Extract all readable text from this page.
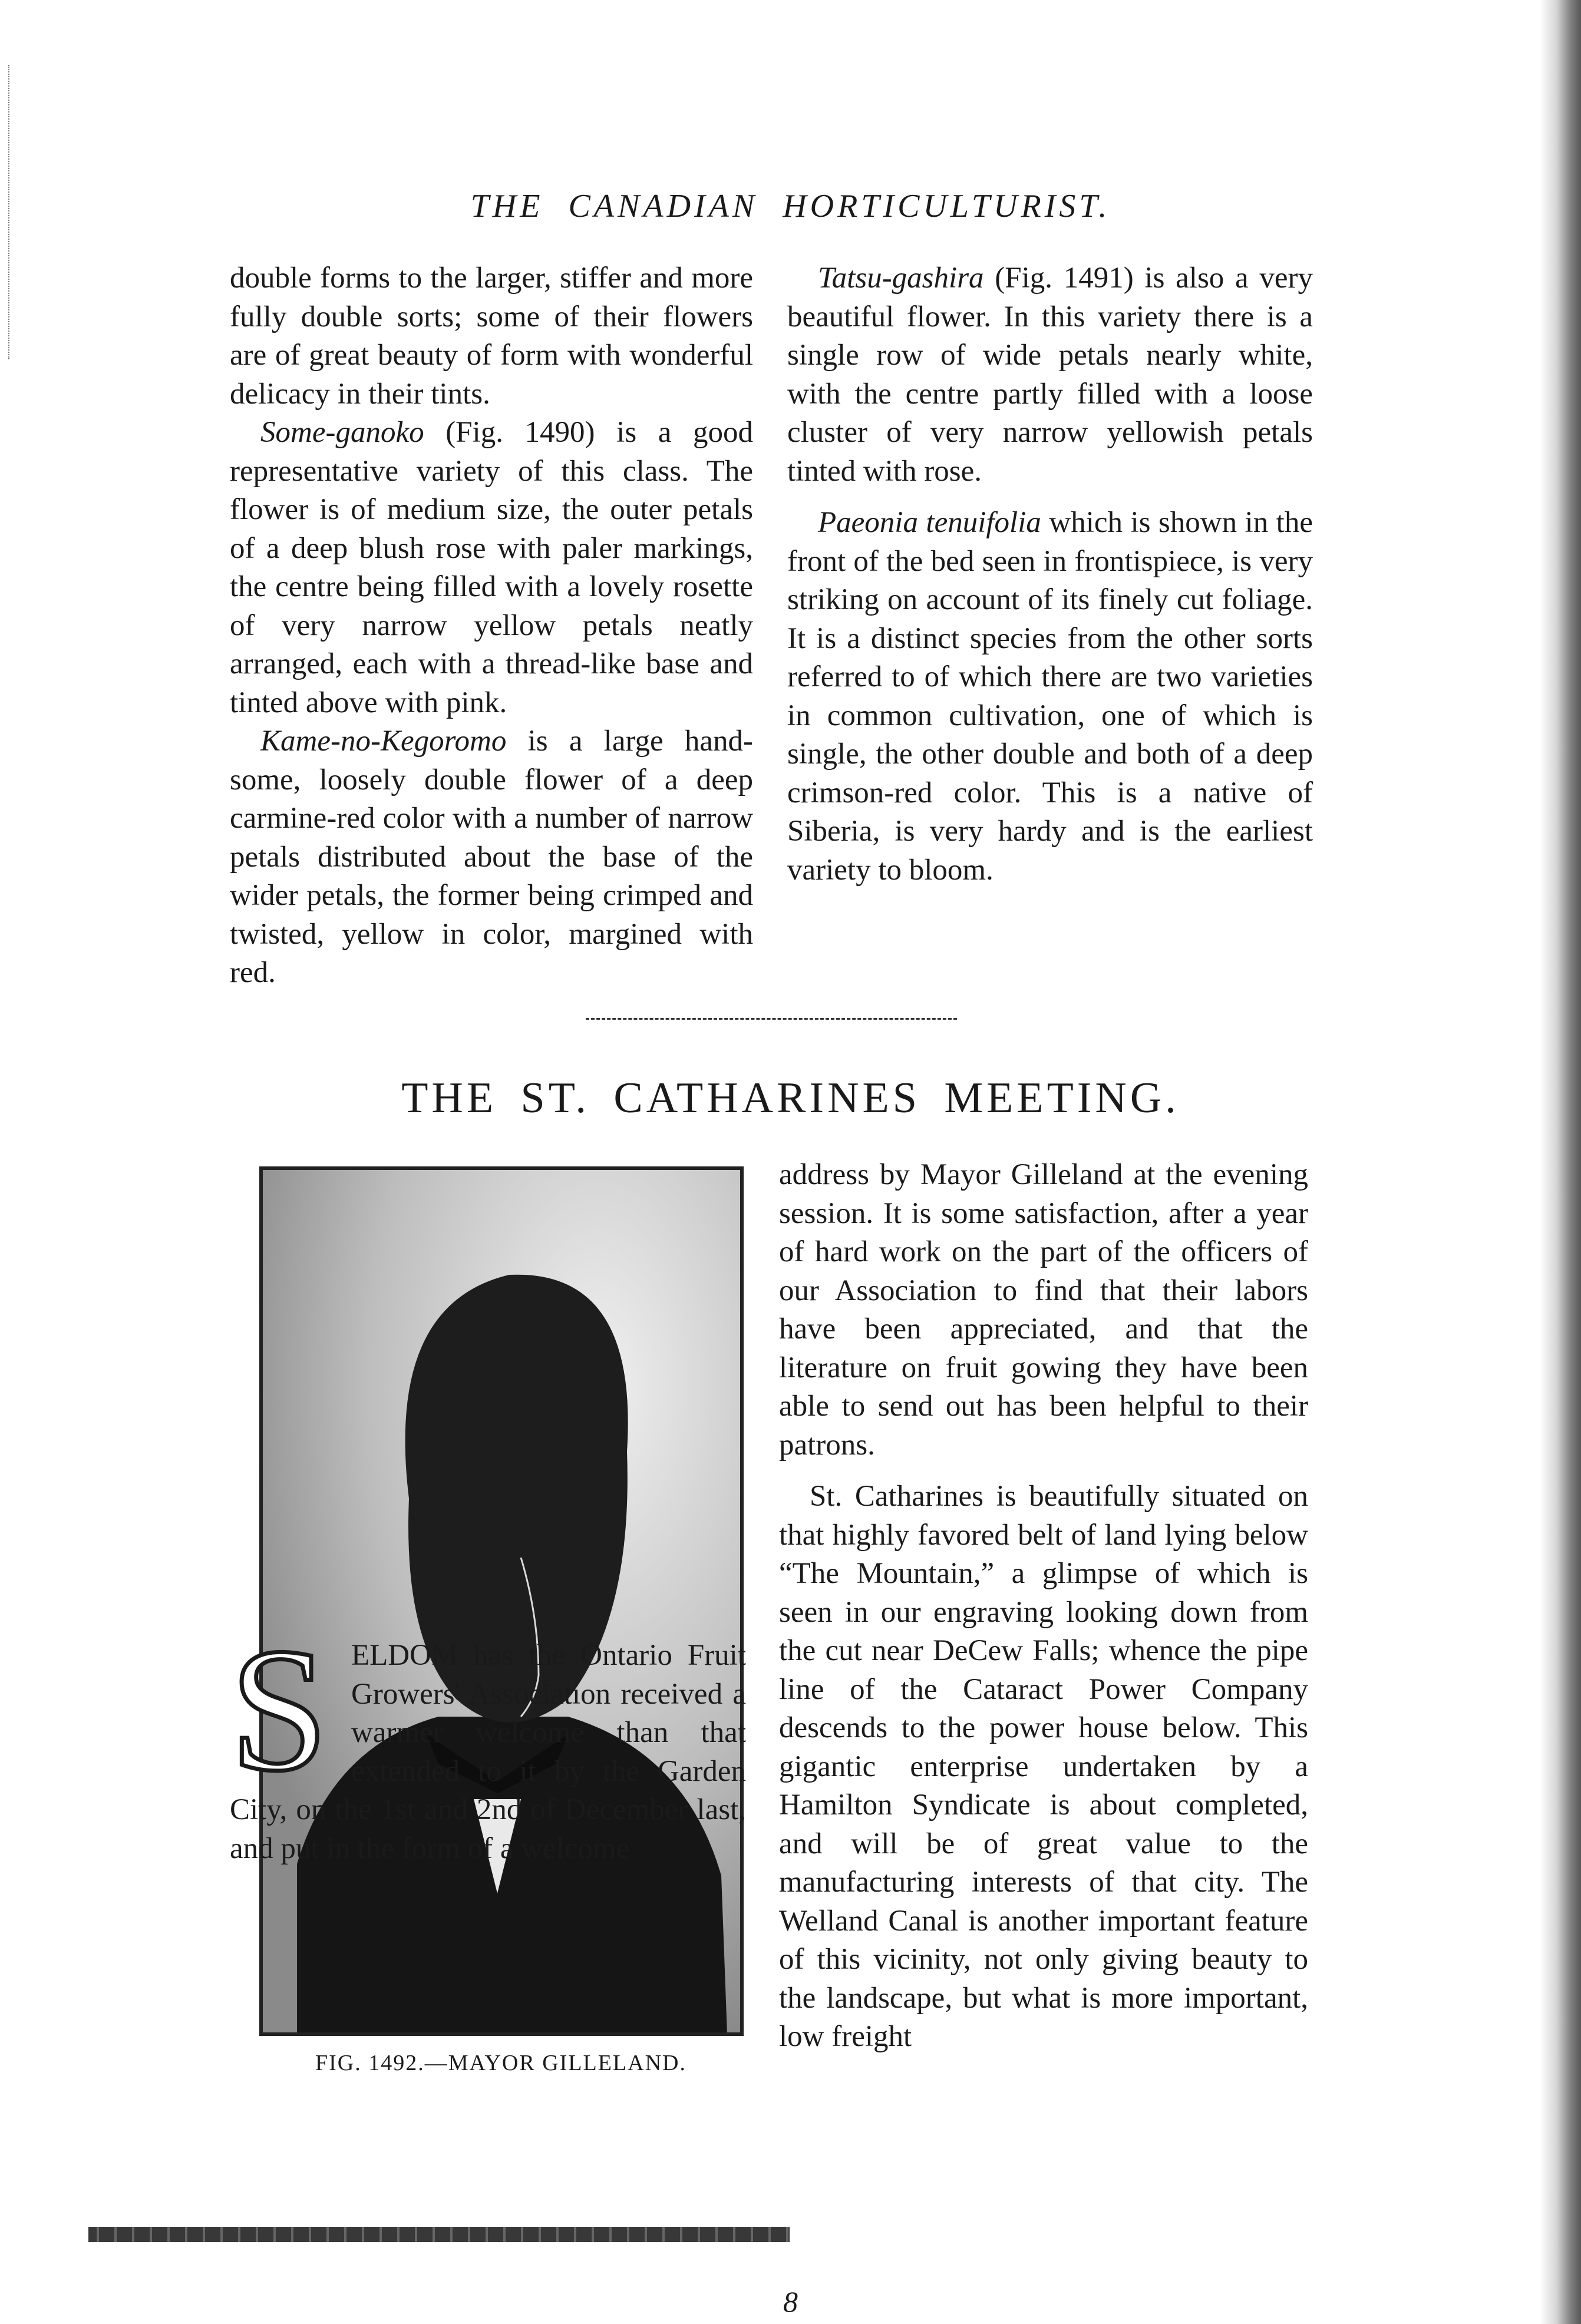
THE CANADIAN HORTICULTURIST.

double forms to the larger, stiffer and more fully double sorts; some of their flowers are of great beauty of form with wonderful delicacy in their tints.

Some-ganoko (Fig. 1490) is a good representative variety of this class. The flower is of medium size, the outer petals of a deep blush rose with paler markings, the centre being filled with a lovely rosette of very narrow yellow petals neatly arranged, each with a thread-like base and tinted above with pink.

Kame-no-Kegoromo is a large handsome, loosely double flower of a deep carmine-red color with a number of narrow petals distributed about the base of the wider petals, the former being crimped and twisted, yellow in color, margined with red.

Tatsu-gashira (Fig. 1491) is also a very beautiful flower. In this variety there is a single row of wide petals nearly white, with the centre partly filled with a loose cluster of very narrow yellowish petals tinted with rose.

Paeonia tenuifolia which is shown in the front of the bed seen in frontispiece, is very striking on account of its finely cut foliage. It is a distinct species from the other sorts referred to of which there are two varieties in common cultivation, one of which is single, the other double and both of a deep crimson-red color. This is a native of Siberia, is very hardy and is the earliest variety to bloom.

THE ST. CATHARINES MEETING.
FIG. 1492.—MAYOR GILLELAND.

SELDOM has the Ontario Fruit Growers' Association received a warmer welcome than that extended to it by the Garden City, on the 1st and 2nd of December last, and put in the form of a welcome

address by Mayor Gilleland at the evening session. It is some satisfaction, after a year of hard work on the part of the officers of our Association to find that their labors have been appreciated, and that the literature on fruit gowing they have been able to send out has been helpful to their patrons.

St. Catharines is beautifully situated on that highly favored belt of land lying below “The Mountain,” a glimpse of which is seen in our engraving looking down from the cut near DeCew Falls; whence the pipe line of the Cataract Power Company descends to the power house below. This gigantic enterprise undertaken by a Hamilton Syndicate is about completed, and will be of great value to the manufacturing interests of that city. The Welland Canal is another important feature of this vicinity, not only giving beauty to the landscape, but what is more important, low freight

8
